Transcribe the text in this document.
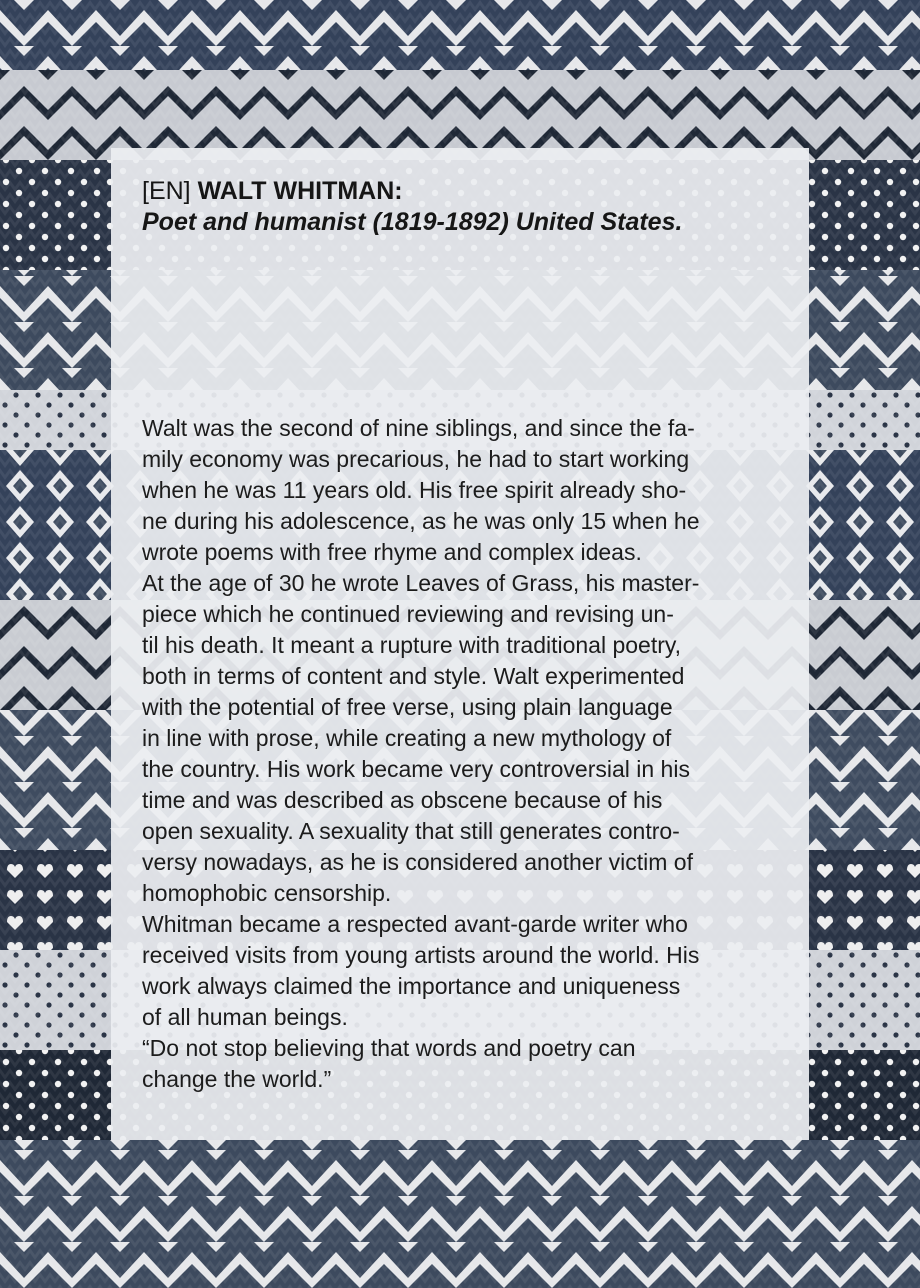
[EN] WALT WHITMAN:

Poet and humanist (1819-1892) United States.

Walt was the second of nine siblings, and since the fa-
mily economy was precarious, he had to start working
when he was 11 years old. His free spirit already sho-
ne during his adolescence, as he was only 15 when he
wrote poems with free rhyme and complex ideas.
At the age of 30 he wrote Leaves of Grass, his master-
piece which he continued reviewing and revising un-
til his death. It meant a rupture with traditional poetry,
both in terms of content and style. Walt experimented
with the potential of free verse, using plain language
in line with prose, while creating a new mythology of
the country. His work became very controversial in his
time and was described as obscene because of his
open sexuality. A sexuality that still generates contro-
versy nowadays, as he is considered another victim of
homophobic censorship.
Whitman became a respected avant-garde writer who
received visits from young artists around the world. His
work always claimed the importance and uniqueness
of all human beings.
“Do not stop believing that words and poetry can
change the world.”
